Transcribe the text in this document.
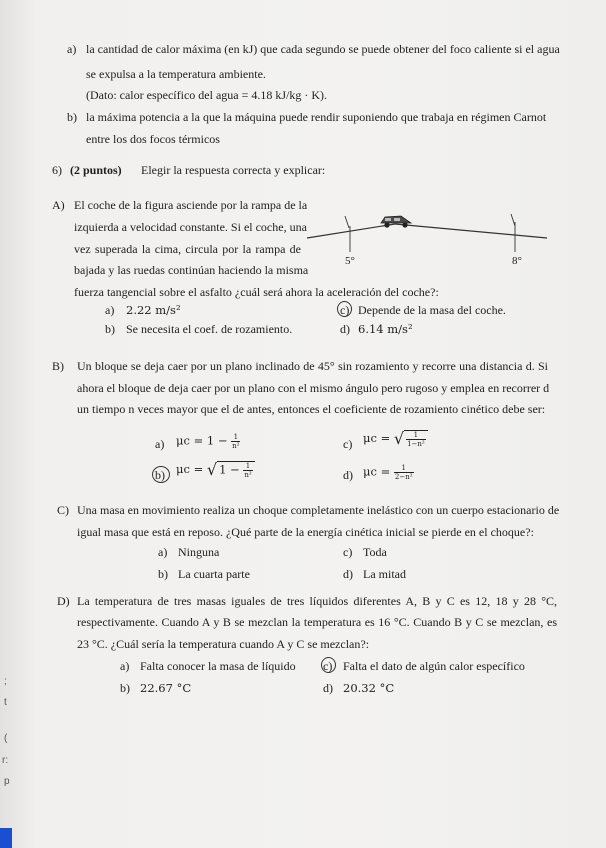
a) la cantidad de calor máxima (en kJ) que cada segundo se puede obtener del foco caliente si el agua
se expulsa a la temperatura ambiente.
(Dato: calor específico del agua = 4.18 kJ/kg · K).
b) la máxima potencia a la que la máquina puede rendir suponiendo que trabaja en régimen Carnot
entre los dos focos térmicos
6) (2 puntos) Elegir la respuesta correcta y explicar:
A) El coche de la figura asciende por la rampa de la
izquierda a velocidad constante. Si el coche, una
vez superada la cima, circula por la rampa de
bajada y las ruedas continúan haciendo la misma
fuerza tangencial sobre el asfalto ¿cuál será ahora la aceleración del coche?:
5°	8°
a) 2.22 m/s²	c) Depende de la masa del coche.
b) Se necesita el coef. de rozamiento.	d) 6.14 m/s²
B) Un bloque se deja caer por un plano inclinado de 45° sin rozamiento y recorre una distancia d. Si
ahora el bloque de deja caer por un plano con el mismo ángulo pero rugoso y emplea en recorrer d
un tiempo n veces mayor que el de antes, entonces el coeficiente de rozamiento cinético debe ser:
a) $\mu c = 1 - \frac{1}{\text{n²}}$	c) μc = √ $\frac{1}{\text{1−n²}}$
b) μc = √ $1 - \frac{1}{\text{n²}}$	d) $\mu c = \frac{1}{\text{2−n²}}$
C) Una masa en movimiento realiza un choque completamente inelástico con un cuerpo estacionario de
igual masa que está en reposo. ¿Qué parte de la energía cinética inicial se pierde en el choque?:
a) Ninguna	c) Toda
b) La cuarta parte	d) La mitad
D) La temperatura de tres masas iguales de tres líquidos diferentes A, B y C es 12, 18 y 28 °C,
respectivamente. Cuando A y B se mezclan la temperatura es 16 °C. Cuando B y C se mezclan, es
23 °C. ¿Cuál sería la temperatura cuando A y C se mezclan?:
a) Falta conocer la masa de líquido c) Falta el dato de algún calor específico
b) 22.67 °C	d) 20.32 °C
;
t
(
r:
p
